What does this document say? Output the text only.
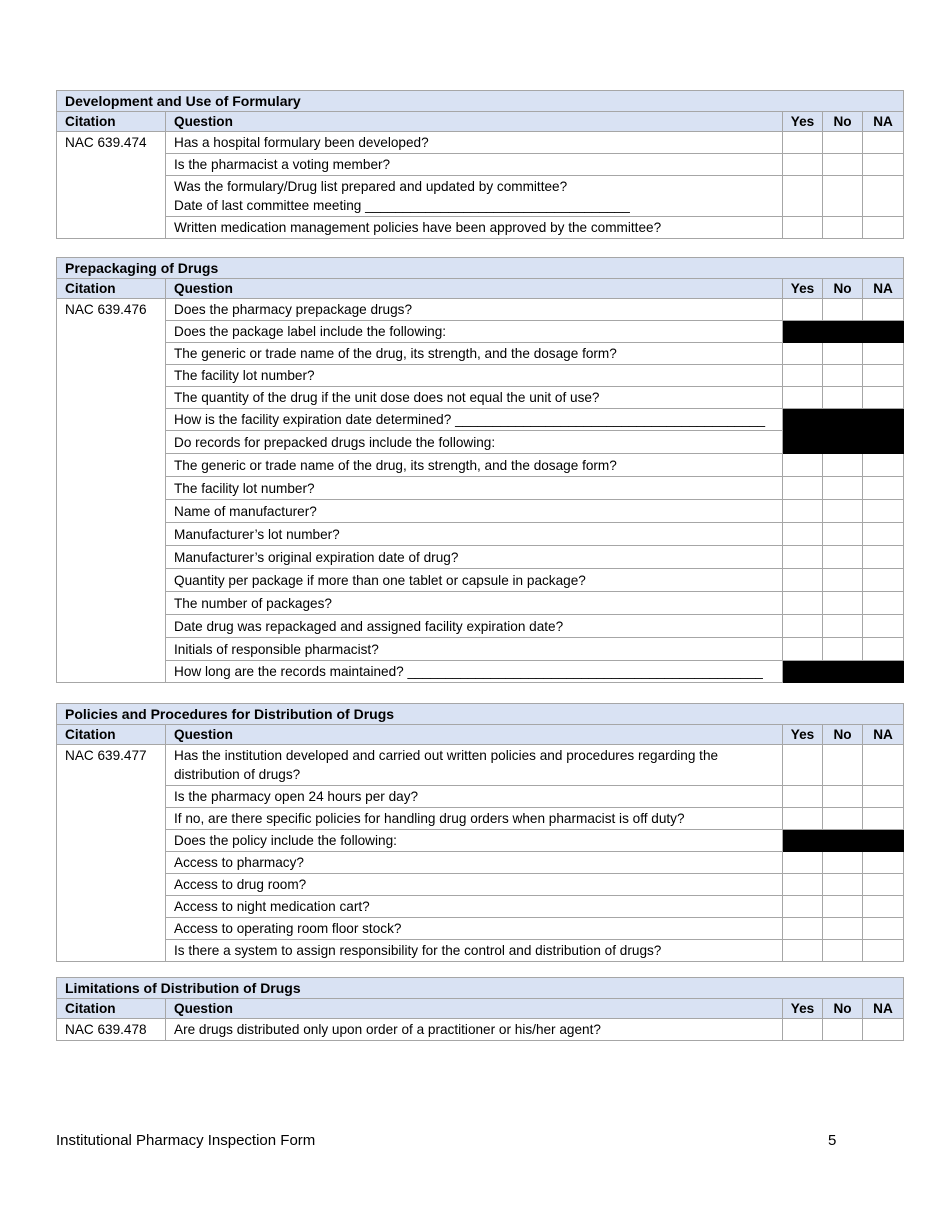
Development and Use of Formulary				
Citation	Question	Yes	No	NA
NAC 639.474	Has a hospital formulary been developed?			
	Is the pharmacist a voting member?			

	Was the formulary/Drug list prepared and updated by committee?
Date of last committee meeting ___________________________________			

	Written medication management policies have been approved by the committee?			
Prepackaging of Drugs				
Citation	Question	Yes	No	NA
NAC 639.476	Does the pharmacy prepackage drugs?			
	Does the package label include the following:			
	The generic or trade name of the drug, its strength, and the dosage form?			
	The facility lot number?			
	The quantity of the drug if the unit dose does not equal the unit of use?			
	How is the facility expiration date determined? _________________________________________			
	Do records for prepacked drugs include the following:			
	The generic or trade name of the drug, its strength, and the dosage form?			
	The facility lot number?			
	Name of manufacturer?			
	Manufacturer’s lot number?			
	Manufacturer’s original expiration date of drug?			
	Quantity per package if more than one tablet or capsule in package?			
	The number of packages?			
	Date drug was repackaged and assigned facility expiration date?			
	Initials of responsible pharmacist?			
	How long are the records maintained? _______________________________________________			
Policies and Procedures for Distribution of Drugs				
Citation	Question	Yes	No	NA
NAC 639.477	Has the institution developed and carried out written policies and procedures regarding the distribution of drugs?			
	Is the pharmacy open 24 hours per day?			
	If no, are there specific policies for handling drug orders when pharmacist is off duty?			
	Does the policy include the following:			
	Access to pharmacy?			
	Access to drug room?			
	Access to night medication cart?			
	Access to operating room floor stock?			
	Is there a system to assign responsibility for the control and distribution of drugs?			
Limitations of Distribution of Drugs				
Citation	Question	Yes	No	NA
NAC 639.478	Are drugs distributed only upon order of a practitioner or his/her agent?			
Institutional Pharmacy Inspection Form	5
